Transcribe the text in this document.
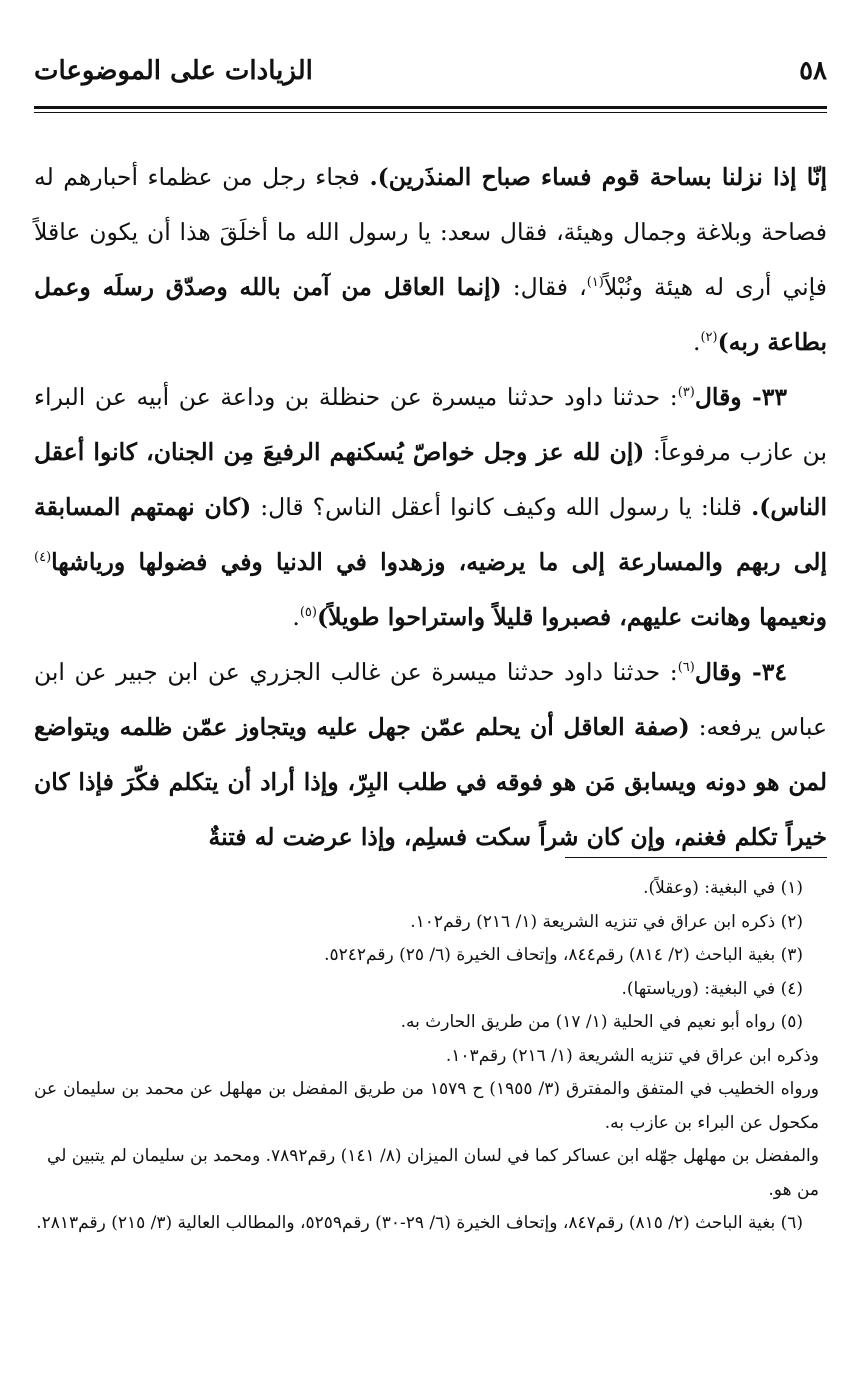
٥٨
الزيادات على الموضوعات

إنّا إذا نزلنا بساحة قوم فساء صباح المنذَرين). فجاء رجل من عظماء أحبارهم له فصاحة وبلاغة وجمال وهيئة، فقال سعد: يا رسول الله ما أخلَقَ هذا أن يكون عاقلاً فإني أرى له هيئة ونُبْلاً$^{(١)}$، فقال: (إنما العاقل من آمن بالله وصدّق رسلَه وعمل بطاعة ربه)$^{(٢)}$.

٣٣- وقال$^{(٣)}$: حدثنا داود حدثنا ميسرة عن حنظلة بن وداعة عن أبيه عن البراء بن عازب مرفوعاً: (إن لله عز وجل خواصّ يُسكنهم الرفيعَ مِن الجنان، كانوا أعقل الناس). قلنا: يا رسول الله وكيف كانوا أعقل الناس؟ قال: (كان نهمتهم المسابقة إلى ربهم والمسارعة إلى ما يرضيه، وزهدوا في الدنيا وفي فضولها ورياشها$^{(٤)}$ ونعيمها وهانت عليهم، فصبروا قليلاً واستراحوا طويلاً)$^{(٥)}$.

٣٤- وقال$^{(٦)}$: حدثنا داود حدثنا ميسرة عن غالب الجزري عن ابن جبير عن ابن عباس يرفعه: (صفة العاقل أن يحلم عمّن جهل عليه ويتجاوز عمّن ظلمه ويتواضع لمن هو دونه ويسابق مَن هو فوقه في طلب البِرّ، وإذا أراد أن يتكلم فكّرَ فإذا كان خيراً تكلم فغنم، وإن كان شراً سكت فسلِم، وإذا عرضت له فتنةٌ

(١) في البغية: (وعقلاً).

(٢) ذكره ابن عراق في تنزيه الشريعة (١/ ٢١٦) رقم١٠٢.

(٣) بغية الباحث (٢/ ٨١٤) رقم٨٤٤، وإتحاف الخيرة (٦/ ٢٥) رقم٥٢٤٢.

(٤) في البغية: (ورياستها).

(٥) رواه أبو نعيم في الحلية (١/ ١٧) من طريق الحارث به.

وذكره ابن عراق في تنزيه الشريعة (١/ ٢١٦) رقم١٠٣.

ورواه الخطيب في المتفق والمفترق (٣/ ١٩٥٥) ح ١٥٧٩ من طريق المفضل بن مهلهل عن محمد بن سليمان عن مكحول عن البراء بن عازب به.

والمفضل بن مهلهل جهّله ابن عساكر كما في لسان الميزان (٨/ ١٤١) رقم٧٨٩٢. ومحمد بن سليمان لم يتبين لي من هو.

(٦) بغية الباحث (٢/ ٨١٥) رقم٨٤٧، وإتحاف الخيرة (٦/ ٢٩-٣٠) رقم٥٢٥٩، والمطالب العالية (٣/ ٢١٥) رقم٢٨١٣.
